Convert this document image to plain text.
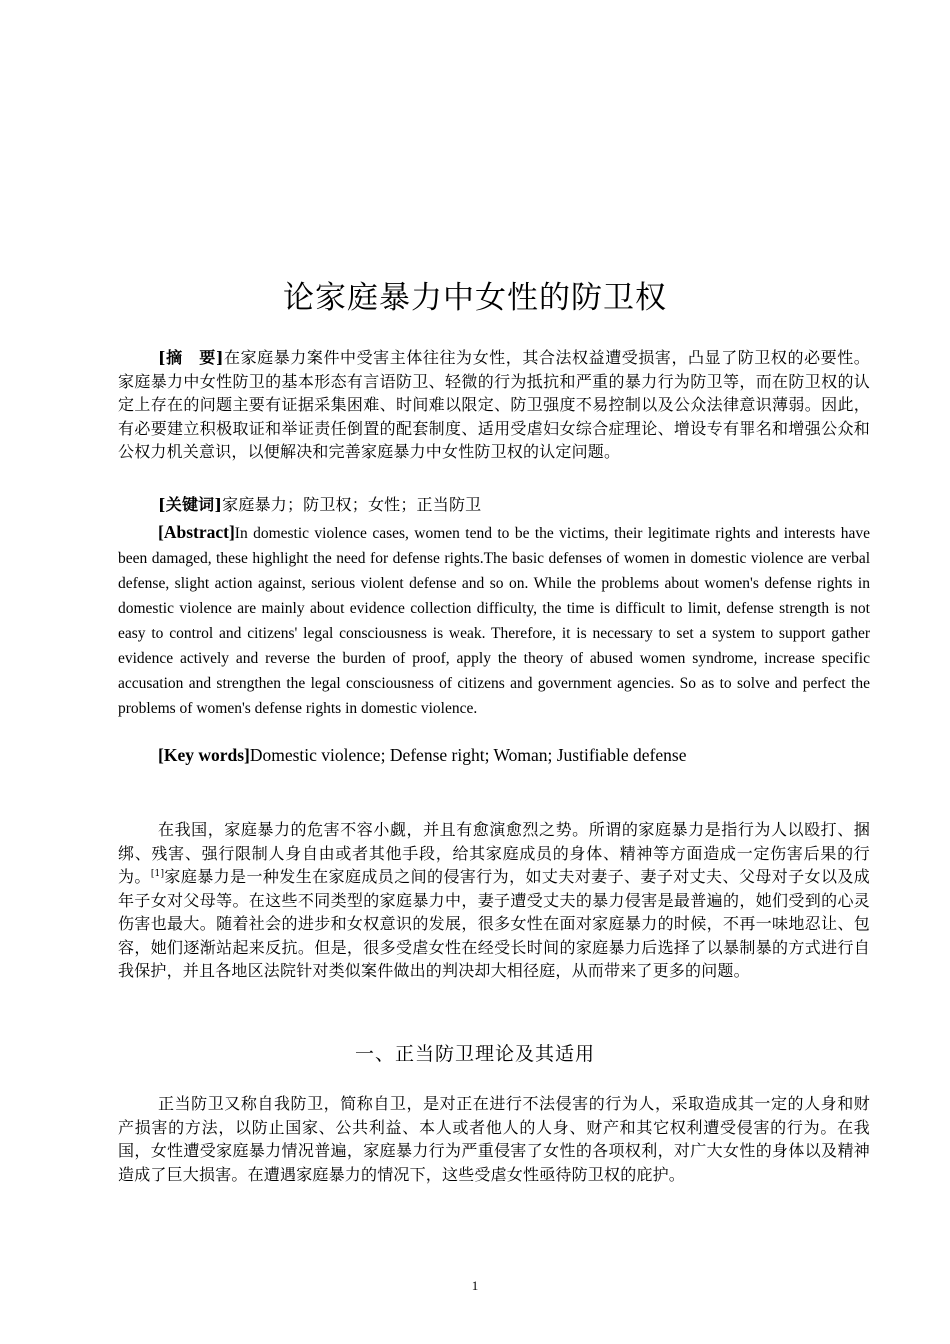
论家庭暴力中女性的防卫权
[摘　要]在家庭暴力案件中受害主体往往为女性，其合法权益遭受损害，凸显了防卫权的必要性。家庭暴力中女性防卫的基本形态有言语防卫、轻微的行为抵抗和严重的暴力行为防卫等，而在防卫权的认定上存在的问题主要有证据采集困难、时间难以限定、防卫强度不易控制以及公众法律意识薄弱。因此，有必要建立积极取证和举证责任倒置的配套制度、适用受虐妇女综合症理论、增设专有罪名和增强公众和公权力机关意识，以便解决和完善家庭暴力中女性防卫权的认定问题。
[关键词]家庭暴力；防卫权；女性；正当防卫
[Abstract]In domestic violence cases, women tend to be the victims, their legitimate rights and interests have been damaged, these highlight the need for defense rights.The basic defenses of women in domestic violence are verbal defense, slight action against, serious violent defense and so on. While the problems about women's defense rights in domestic violence are mainly about evidence collection difficulty, the time is difficult to limit, defense strength is not easy to control and citizens' legal consciousness is weak. Therefore, it is necessary to set a system to support gather evidence actively and reverse the burden of proof, apply the theory of abused women syndrome, increase specific accusation and strengthen the legal consciousness of citizens and government agencies. So as to solve and perfect the problems of women's defense rights in domestic violence.
[Key words]Domestic violence; Defense right; Woman; Justifiable defense
在我国，家庭暴力的危害不容小觑，并且有愈演愈烈之势。所谓的家庭暴力是指行为人以殴打、捆绑、残害、强行限制人身自由或者其他手段，给其家庭成员的身体、精神等方面造成一定伤害后果的行为。[1]家庭暴力是一种发生在家庭成员之间的侵害行为，如丈夫对妻子、妻子对丈夫、父母对子女以及成年子女对父母等。在这些不同类型的家庭暴力中，妻子遭受丈夫的暴力侵害是最普遍的，她们受到的心灵伤害也最大。随着社会的进步和女权意识的发展，很多女性在面对家庭暴力的时候，不再一味地忍让、包容，她们逐渐站起来反抗。但是，很多受虐女性在经受长时间的家庭暴力后选择了以暴制暴的方式进行自我保护，并且各地区法院针对类似案件做出的判决却大相径庭，从而带来了更多的问题。
一、正当防卫理论及其适用
正当防卫又称自我防卫，简称自卫，是对正在进行不法侵害的行为人，采取造成其一定的人身和财产损害的方法，以防止国家、公共利益、本人或者他人的人身、财产和其它权利遭受侵害的行为。在我国，女性遭受家庭暴力情况普遍，家庭暴力行为严重侵害了女性的各项权利，对广大女性的身体以及精神造成了巨大损害。在遭遇家庭暴力的情况下，这些受虐女性亟待防卫权的庇护。
1
